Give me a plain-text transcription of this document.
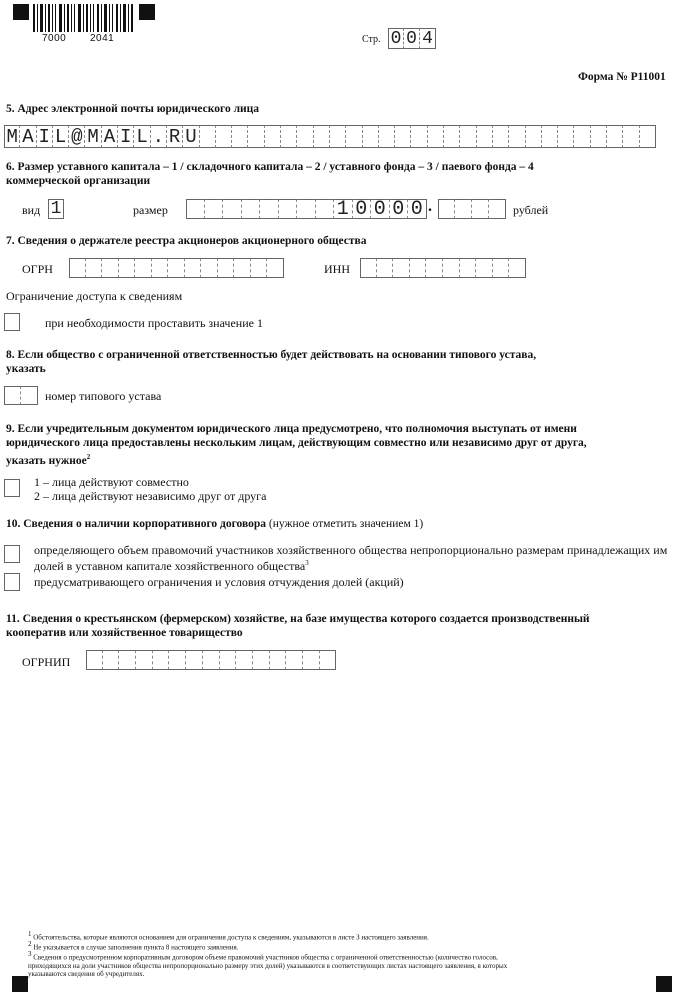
7000 2041	Стр. 0 0 4
Форма № Р11001
5. Адрес электронной почты юридического лица
M A I L @ M A I L . R U
6. Размер уставного капитала – 1 / складочного капитала – 2 / уставного фонда – 3 / паевого фонда – 4
коммерческой организации
вид 1	размер	1 0 0 0 0 .	рублей
7. Сведения о держателе реестра акционеров акционерного общества
ОГРН	ИНН
Ограничение доступа к сведениям
при необходимости проставить значение 1
8. Если общество с ограниченной ответственностью будет действовать на основании типового устава,
указать
номер типового устава
9. Если учредительным документом юридического лица предусмотрено, что полномочия выступать от имени
юридического лица предоставлены нескольким лицам, действующим совместно или независимо друг от друга,
указать нужное$^2$
1 – лица действуют совместно
2 – лица действуют независимо друг от друга
10. Сведения о наличии корпоративного договора (нужное отметить значением 1)
определяющего объем правомочий участников хозяйственного общества непропорционально размерам принадлежащих им
долей в уставном капитале хозяйственного общества$^3$
предусматривающего ограничения и условия отчуждения долей (акций)
11. Сведения о крестьянском (фермерском) хозяйстве, на базе имущества которого создается производственный
кооператив или хозяйственное товарищество
ОГРНИП
$^1$ Обстоятельства, которые являются основанием для ограничения доступа к сведениям, указываются в листе З настоящего заявления.
$^2$ Не указывается в случае заполнения пункта 8 настоящего заявления.
$^3$ Сведения о предусмотренном корпоративным договором объеме правомочий участников общества с ограниченной ответственностью (количество голосов,
приходящихся на доли участников общества непропорционально размеру этих долей) указываются в соответствующих листах настоящего заявления, в которых
указываются сведения об учредителях.
